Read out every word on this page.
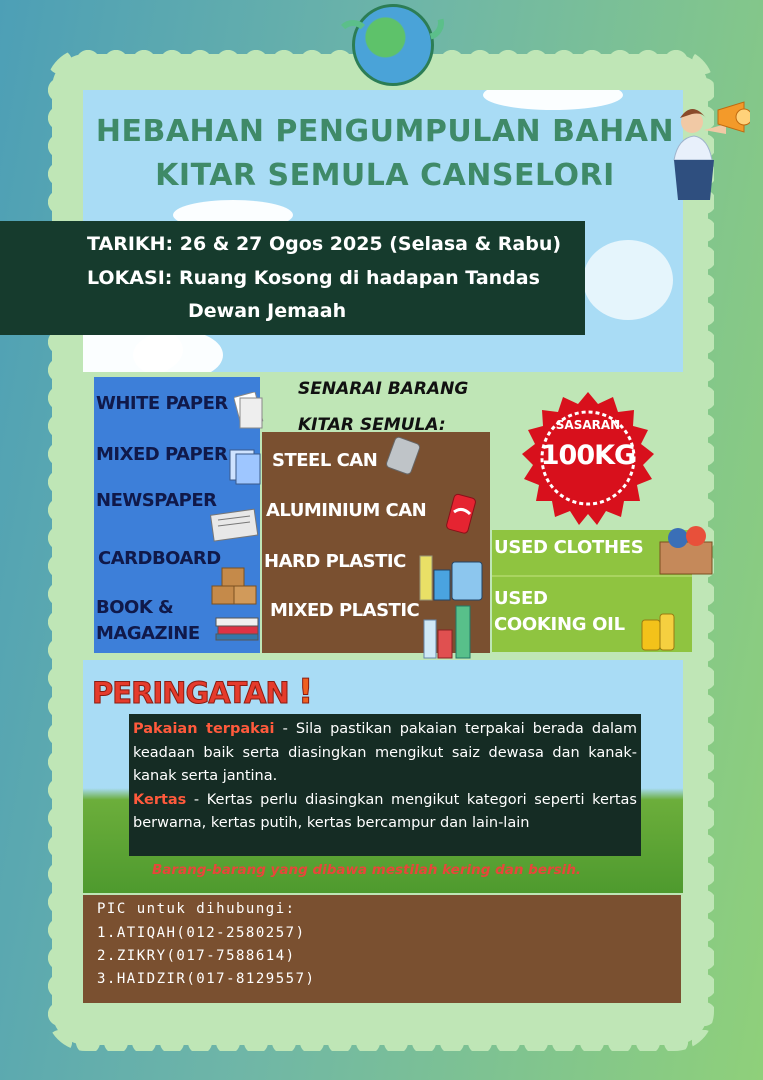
HEBAHAN PENGUMPULAN BAHAN
KITAR SEMULA CANSELORI
TARIKH: 26 & 27 Ogos 2025 (Selasa & Rabu)
LOKASI: Ruang Kosong di hadapan Tandas
Dewan Jemaah
SENARAI BARANG
KITAR SEMULA:
WHITE PAPER
MIXED PAPER
NEWSPAPER
CARDBOARD
BOOK &
MAGAZINE
STEEL CAN
ALUMINIUM CAN
HARD PLASTIC
MIXED PLASTIC
USED CLOTHES
USED
COOKING OIL
SASARAN
100KG
PERINGATAN !
Pakaian terpakai - Sila pastikan pakaian terpakai berada dalam keadaan baik serta diasingkan mengikut saiz dewasa dan kanak-kanak serta jantina.
Kertas - Kertas perlu diasingkan mengikut kategori seperti kertas berwarna, kertas putih, kertas bercampur dan lain-lain
Barang-barang yang dibawa mestilah kering dan bersih.
PIC untuk dihubungi:
1.ATIQAH(012-2580257)
2.ZIKRY(017-7588614)
3.HAIDZIR(017-8129557)
